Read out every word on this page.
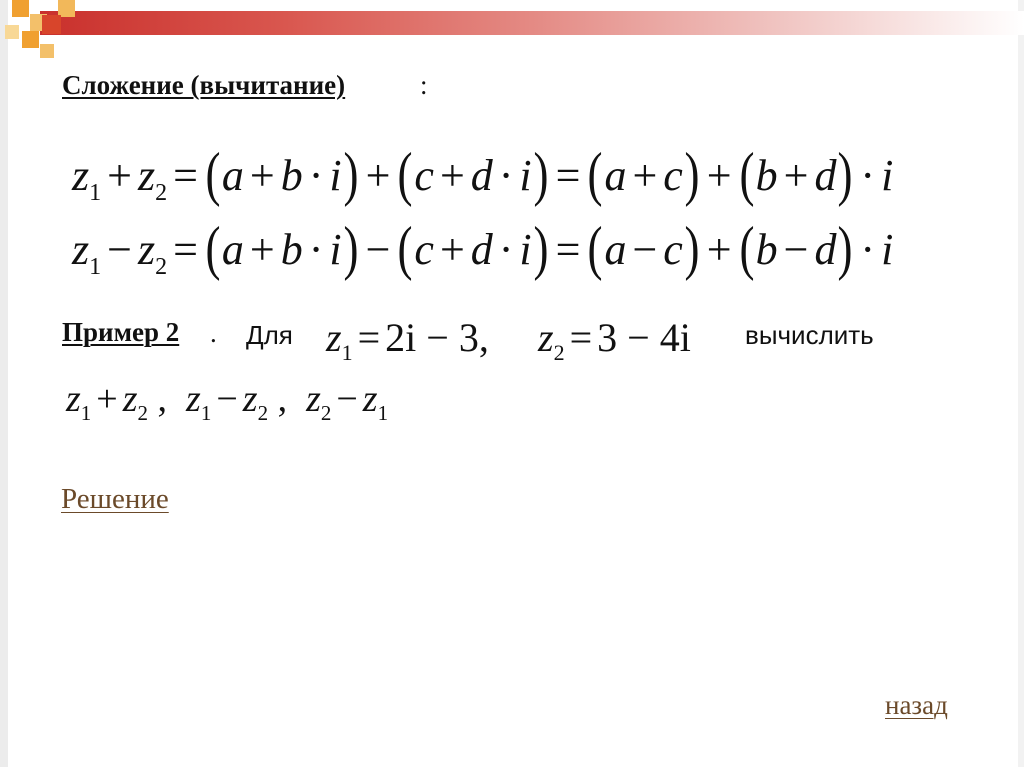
Сложение (вычитание)	:
$z_1 + z_2 = (a + b \cdot i) + (c + d \cdot i) = (a + c) + (b + d) \cdot i$
$z_1 - z_2 = (a + b \cdot i) - (c + d \cdot i) = (a - c) + (b - d) \cdot i$
Пример 2 . Для $z_1 = 2i - 3$, $z_2 = 3 - 4i$ вычислить
$z_1 + z_2$ ,  $z_1 - z_2$ ,  $z_2 - z_1$
Решение
назад
